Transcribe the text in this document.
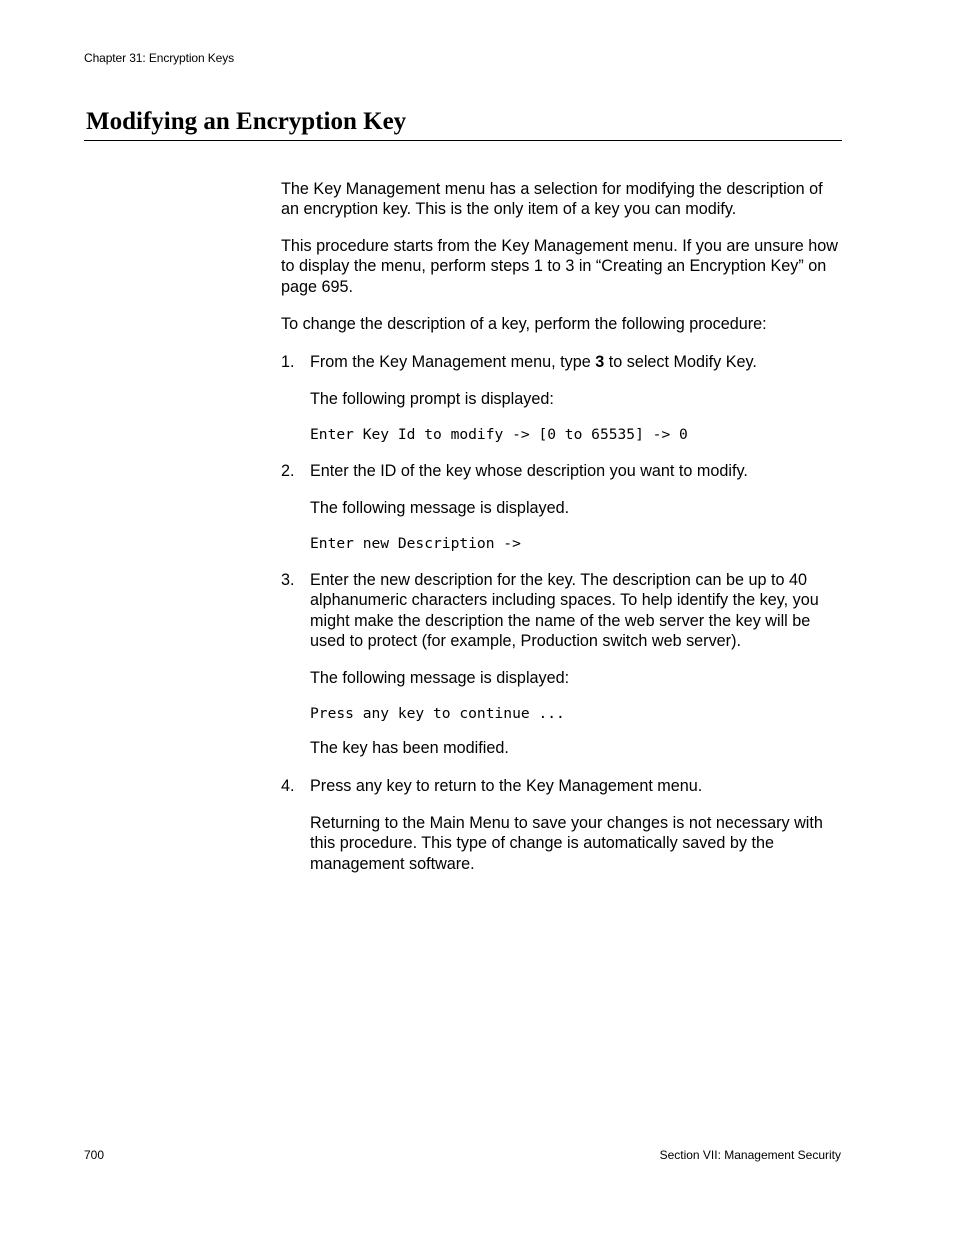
Chapter 31: Encryption Keys
Modifying an Encryption Key

The Key Management menu has a selection for modifying the description of an encryption key. This is the only item of a key you can modify.

This procedure starts from the Key Management menu. If you are unsure how to display the menu, perform steps 1 to 3 in “Creating an Encryption Key” on page 695.

To change the description of a key, perform the following procedure:

1. From the Key Management menu, type 3 to select Modify Key.

The following prompt is displayed:

Enter Key Id to modify -> [0 to 65535] -> 0
2. Enter the ID of the key whose description you want to modify.

The following message is displayed.

Enter new Description ->
3. Enter the new description for the key. The description can be up to 40 alphanumeric characters including spaces. To help identify the key, you might make the description the name of the web server the key will be used to protect (for example, Production switch web server).

The following message is displayed:

Press any key to continue ...

The key has been modified.

4. Press any key to return to the Key Management menu.

Returning to the Main Menu to save your changes is not necessary with this procedure. This type of change is automatically saved by the management software.

700	Section VII: Management Security
